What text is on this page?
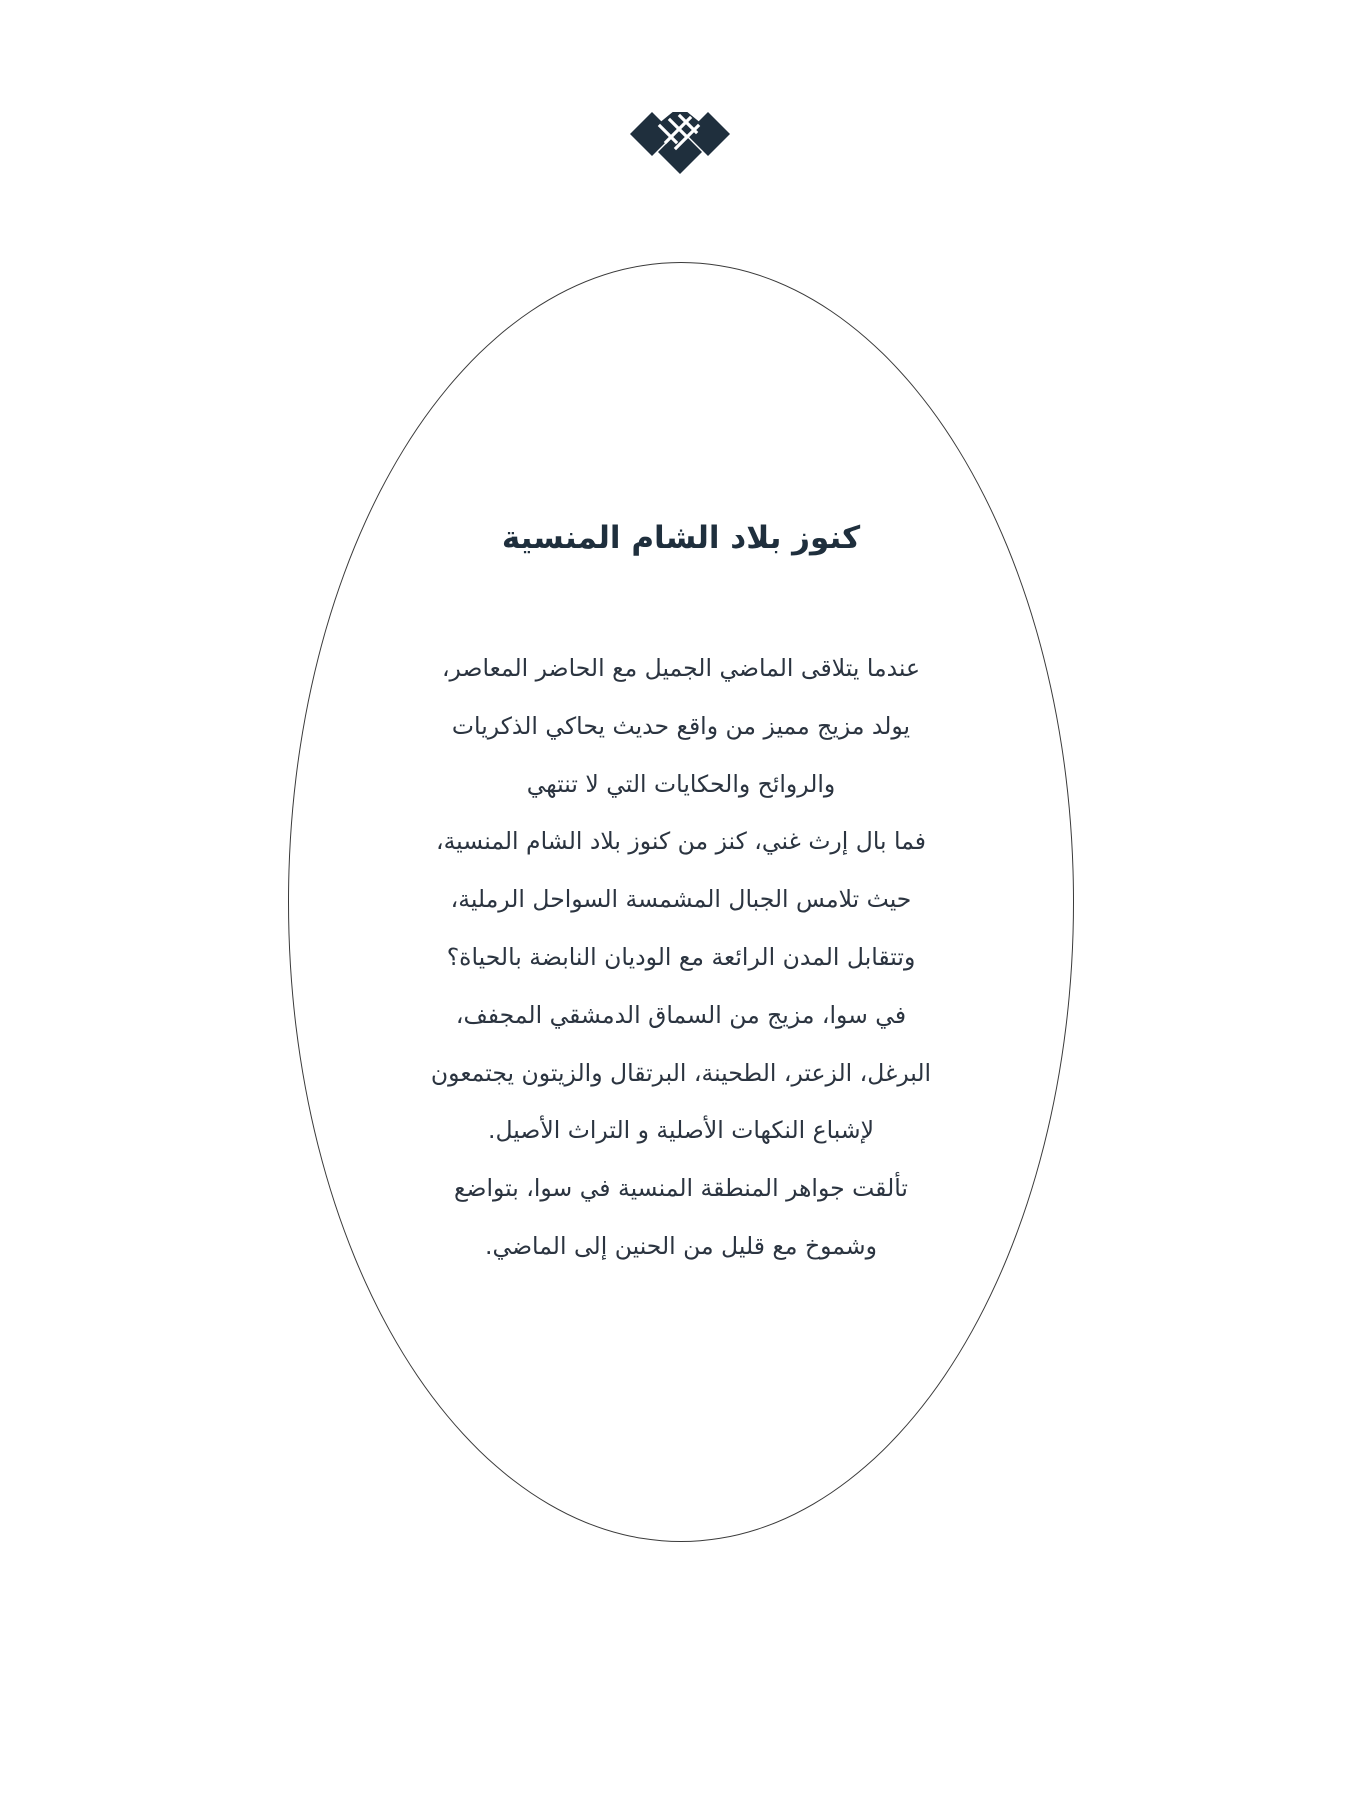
كنوز بلاد الشام المنسية
عندما يتلاقى الماضي الجميل مع الحاضر المعاصر،
يولد مزيج مميز من واقع حديث يحاكي الذكريات
والروائح والحكايات التي لا تنتهي
فما بال إرث غني، كنز من كنوز بلاد الشام المنسية،
حيث تلامس الجبال المشمسة السواحل الرملية،
وتتقابل المدن الرائعة مع الوديان النابضة بالحياة؟
في سوا، مزيج من السماق الدمشقي المجفف،
البرغل، الزعتر، الطحينة، البرتقال والزيتون يجتمعون
لإشباع النكهات الأصلية و التراث الأصيل.
تألقت جواهر المنطقة المنسية في سوا، بتواضع
وشموخ مع قليل من الحنين إلى الماضي.
